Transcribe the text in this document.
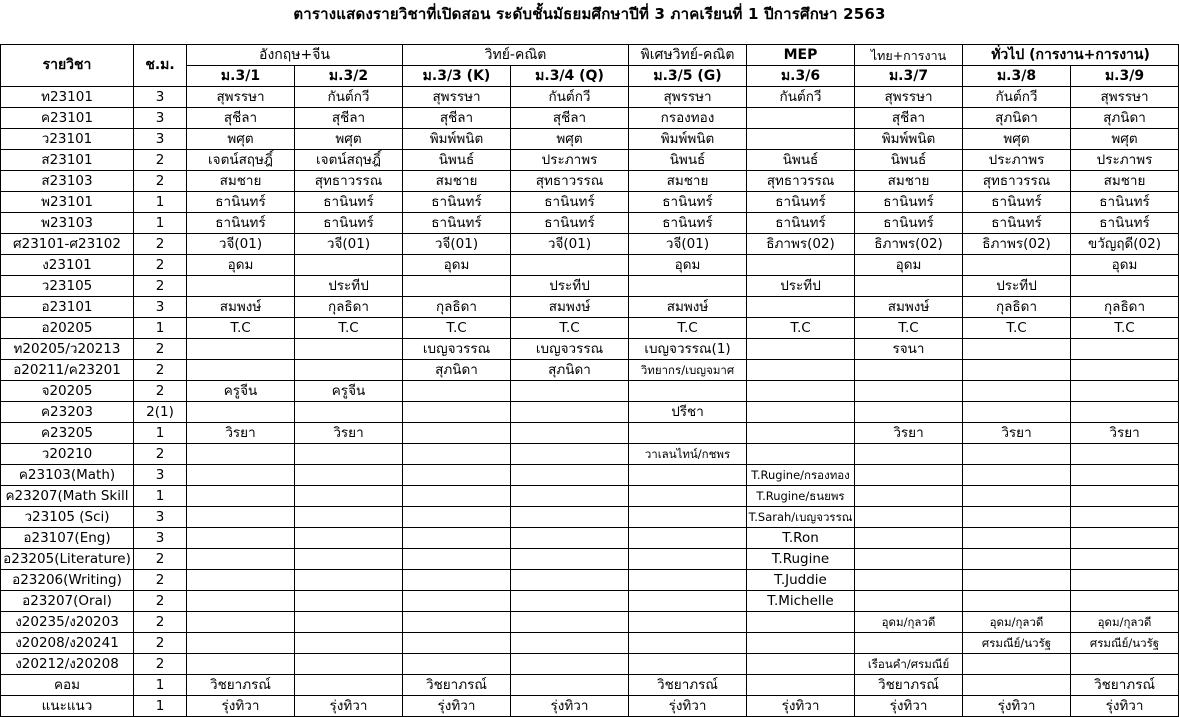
ตารางแสดงรายวิชาที่เปิดสอน ระดับชั้นมัธยมศึกษาปีที่ 3 ภาคเรียนที่ 1 ปีการศึกษา 2563
รายวิชา	ช.ม.	อังกฤษ+จีน		วิทย์-คณิต		พิเศษวิทย์-คณิต	MEP	ไทย+การงาน	ทั่วไป (การงาน+การงาน)	
		ม.3/1	ม.3/2	ม.3/3 (K)	ม.3/4 (Q)	ม.3/5 (G)	ม.3/6	ม.3/7	ม.3/8	ม.3/9
ท23101	3	สุพรรษา	กันต์กวี	สุพรรษา	กันต์กวี	สุพรรษา	กันต์กวี	สุพรรษา	กันต์กวี	สุพรรษา
ค23101	3	สุชีลา	สุชีลา	สุชีลา	สุชีลา	กรองทอง		สุชีลา	สุภนิดา	สุภนิดา
ว23101	3	พศุต	พศุต	พิมพ์พนิต	พศุต	พิมพ์พนิต		พิมพ์พนิต	พศุต	พศุต
ส23101	2	เจตน์สฤษฎิ์	เจตน์สฤษฎิ์	นิพนธ์	ประภาพร	นิพนธ์	นิพนธ์	นิพนธ์	ประภาพร	ประภาพร
ส23103	2	สมชาย	สุทธาวรรณ	สมชาย	สุทธาวรรณ	สมชาย	สุทธาวรรณ	สมชาย	สุทธาวรรณ	สมชาย
พ23101	1	ธานินทร์	ธานินทร์	ธานินทร์	ธานินทร์	ธานินทร์	ธานินทร์	ธานินทร์	ธานินทร์	ธานินทร์
พ23103	1	ธานินทร์	ธานินทร์	ธานินทร์	ธานินทร์	ธานินทร์	ธานินทร์	ธานินทร์	ธานินทร์	ธานินทร์
ศ23101-ศ23102	2	วจี(01)	วจี(01)	วจี(01)	วจี(01)	วจี(01)	ธิภาพร(02)	ธิภาพร(02)	ธิภาพร(02)	ขวัญฤดี(02)
ง23101	2	อุดม		อุดม		อุดม		อุดม		อุดม
ว23105	2		ประทีป		ประทีป		ประทีป		ประทีป	
อ23101	3	สมพงษ์	กุลธิดา	กุลธิดา	สมพงษ์	สมพงษ์		สมพงษ์	กุลธิดา	กุลธิดา
อ20205	1	T.C	T.C	T.C	T.C	T.C	T.C	T.C	T.C	T.C
ท20205/ว20213	2			เบญจวรรณ	เบญจวรรณ	เบญจวรรณ(1)		รจนา		
อ20211/ค23201	2			สุภนิดา	สุภนิดา	วิทยากร/เบญจมาศ				
จ20205	2	ครูจีน	ครูจีน							
ค23203	2(1)					ปรีชา				
ค23205	1	วิรยา	วิรยา					วิรยา	วิรยา	วิรยา
ว20210	2					วาเลนไทน์/กชพร				
ค23103(Math)	3						T.Rugine/กรองทอง			
ค23207(Math Skill	1						T.Rugine/ธนยพร			
ว23105 (Sci)	3						T.Sarah/เบญจวรรณ			
อ23107(Eng)	3						T.Ron			
อ23205(Literature)	2						T.Rugine			
อ23206(Writing)	2						T.Juddie			
อ23207(Oral)	2						T.Michelle			
ง20235/ง20203	2							อุดม/กุลวดี	อุดม/กุลวดี	อุดม/กุลวดี
ง20208/ง20241	2								ศรมณีย์/นวรัฐ	ศรมณีย์/นวรัฐ
ง20212/ง20208	2							เรือนคำ/ศรมณีย์		
คอม	1	วิชยาภรณ์		วิชยาภรณ์		วิชยาภรณ์		วิชยาภรณ์		วิชยาภรณ์
แนะแนว	1	รุ่งทิวา	รุ่งทิวา	รุ่งทิวา	รุ่งทิวา	รุ่งทิวา	รุ่งทิวา	รุ่งทิวา	รุ่งทิวา	รุ่งทิวา
